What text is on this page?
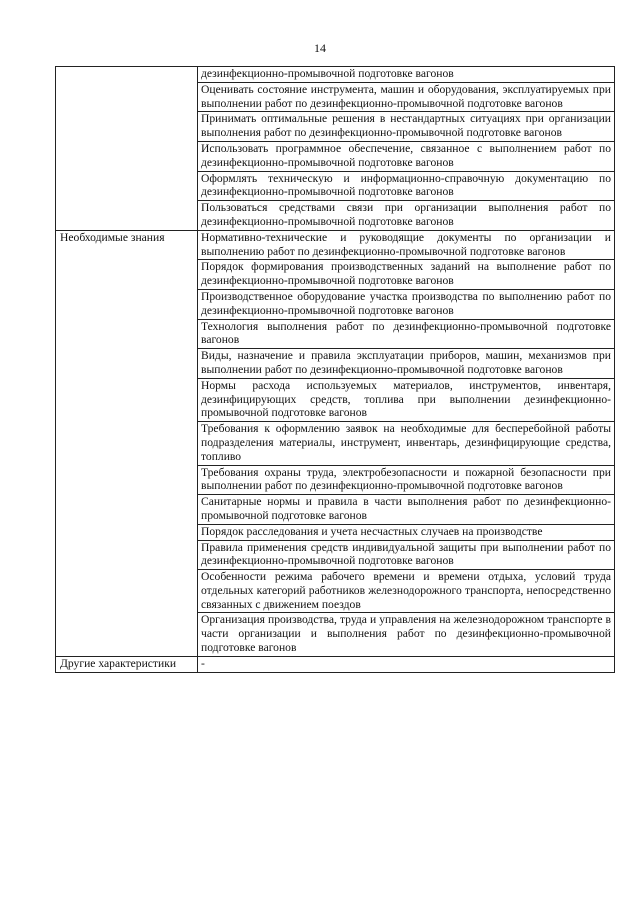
14
	дезинфекционно-промывочной подготовке вагонов
	Оценивать состояние инструмента, машин и оборудования, эксплуатируемых при выполнении работ по дезинфекционно-промывочной подготовке вагонов
	Принимать оптимальные решения в нестандартных ситуациях при организации выполнения работ по дезинфекционно-промывочной подготовке вагонов
	Использовать программное обеспечение, связанное с выполнением работ по дезинфекционно-промывочной подготовке вагонов
	Оформлять техническую и информационно-справочную документацию по дезинфекционно-промывочной подготовке вагонов
	Пользоваться средствами связи при организации выполнения работ по дезинфекционно-промывочной подготовке вагонов
Необходимые знания	Нормативно-технические и руководящие документы по организации и выполнению работ по дезинфекционно-промывочной подготовке вагонов
	Порядок формирования производственных заданий на выполнение работ по дезинфекционно-промывочной подготовке вагонов
	Производственное оборудование участка производства по выполнению работ по дезинфекционно-промывочной подготовке вагонов
	Технология выполнения работ по дезинфекционно-промывочной подготовке вагонов
	Виды, назначение и правила эксплуатации приборов, машин, механизмов при выполнении работ по дезинфекционно-промывочной подготовке вагонов
	Нормы расхода используемых материалов, инструментов, инвентаря, дезинфицирующих средств, топлива при выполнении дезинфекционно-промывочной подготовке вагонов
	Требования к оформлению заявок на необходимые для бесперебойной работы подразделения материалы, инструмент, инвентарь, дезинфицирующие средства, топливо
	Требования охраны труда, электробезопасности и пожарной безопасности при выполнении работ по дезинфекционно-промывочной подготовке вагонов
	Санитарные нормы и правила в части выполнения работ по дезинфекционно-промывочной подготовке вагонов
	Порядок расследования и учета несчастных случаев на производстве
	Правила применения средств индивидуальной защиты при выполнении работ по дезинфекционно-промывочной подготовке вагонов
	Особенности режима рабочего времени и времени отдыха, условий труда отдельных категорий работников железнодорожного транспорта, непосредственно связанных с движением поездов
	Организация производства, труда и управления на железнодорожном транспорте в части организации и выполнения работ по дезинфекционно-промывочной подготовке вагонов
Другие характеристики	-
